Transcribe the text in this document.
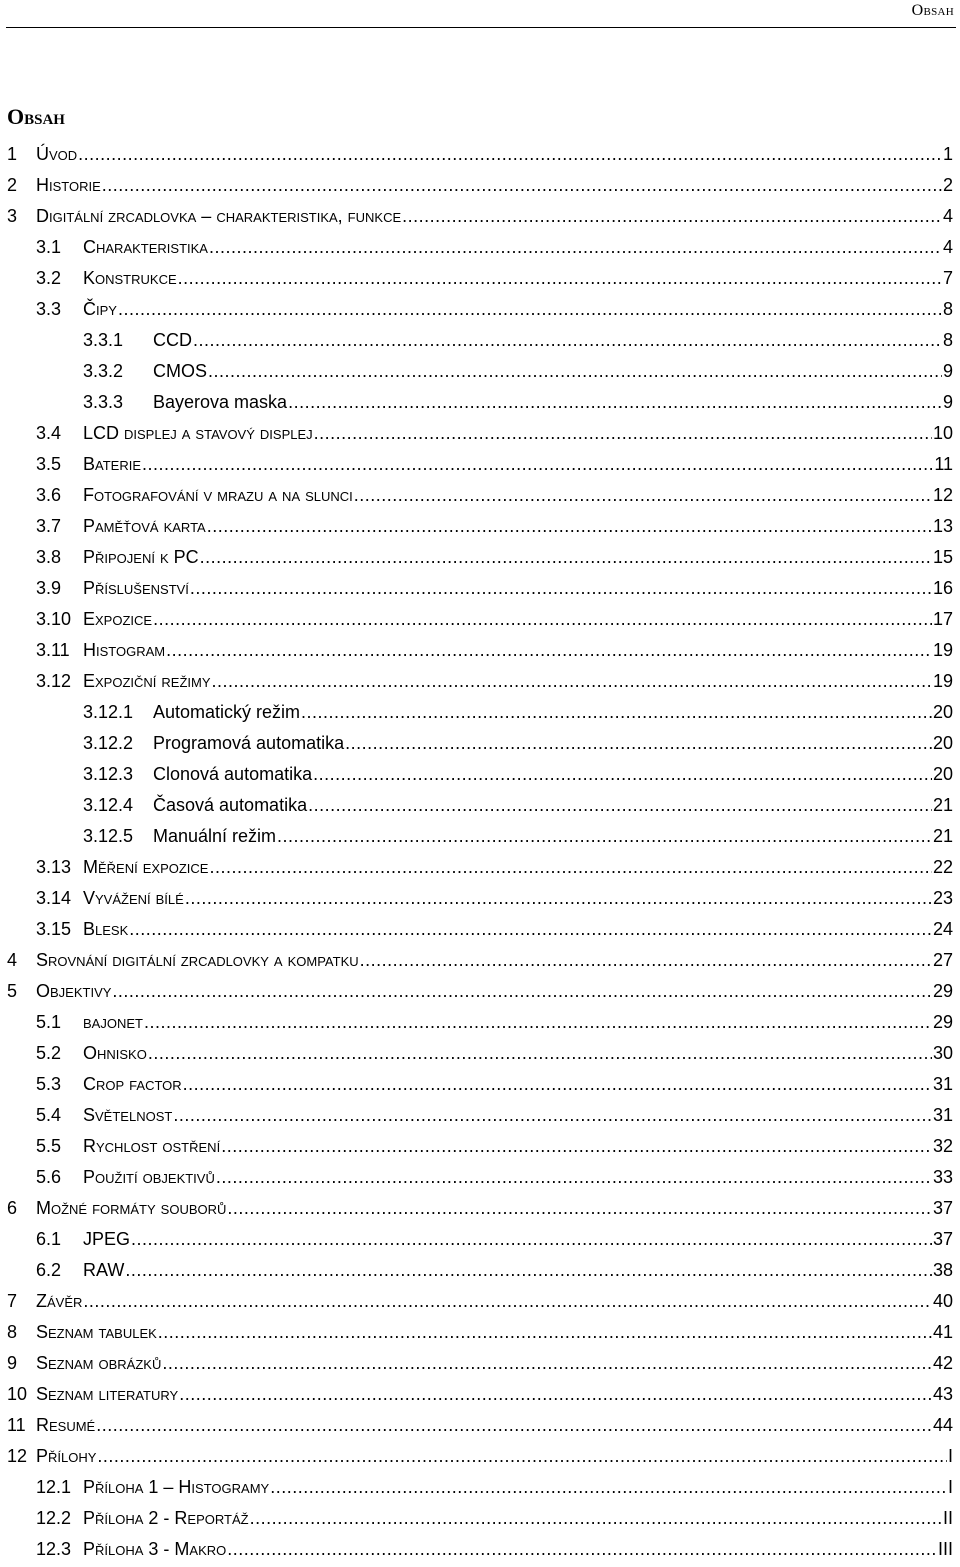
Obsah
Obsah
1	Úvod .....	1
2	Historie .....	2
3	Digitální zrcadlovka – charakteristika, funkce .....	4
3.1	Charakteristika .....	4
3.2	Konstrukce .....	7
3.3	Čipy .....	8
3.3.1	CCD .....	8
3.3.2	CMOS .....	9
3.3.3	Bayerova maska .....	9
3.4	LCD displej a stavový displej .....	10
3.5	Baterie .....	11
3.6	Fotografování v mrazu a na slunci .....	12
3.7	Paměťová karta .....	13
3.8	Připojení k PC .....	15
3.9	Příslušenství .....	16
3.10 Expozice .....	17
3.11 Histogram .....	19
3.12 Expoziční režimy .....	19
3.12.1	Automatický režim .....	20
3.12.2	Programová automatika .....	20
3.12.3	Clonová automatika .....	20
3.12.4	Časová automatika .....	21
3.12.5	Manuální režim .....	21
3.13 Měření expozice .....	22
3.14 Vyvážení bílé .....	23
3.15 Blesk .....	24
4	Srovnání digitální zrcadlovky a kompatku .....	27
5	Objektivy .....	29
5.1	bajonet .....	29
5.2	Ohnisko .....	30
5.3	Crop factor .....	31
5.4	Světelnost .....	31
5.5	Rychlost ostření .....	32
5.6	Použití objektivů .....	33
6	Možné formáty souborů .....	37
6.1	JPEG .....	37
6.2	RAW .....	38
7	Závěr .....	40
8	Seznam tabulek .....	41
9	Seznam obrázků .....	42
10 Seznam literatury .....	43
11 Resumé .....	44
12 Přílohy .....	I
12.1 Příloha 1 – Histogramy .....	I
12.2 Příloha 2 - Reportáž .....	II
12.3 Příloha 3 - Makro .....	III
